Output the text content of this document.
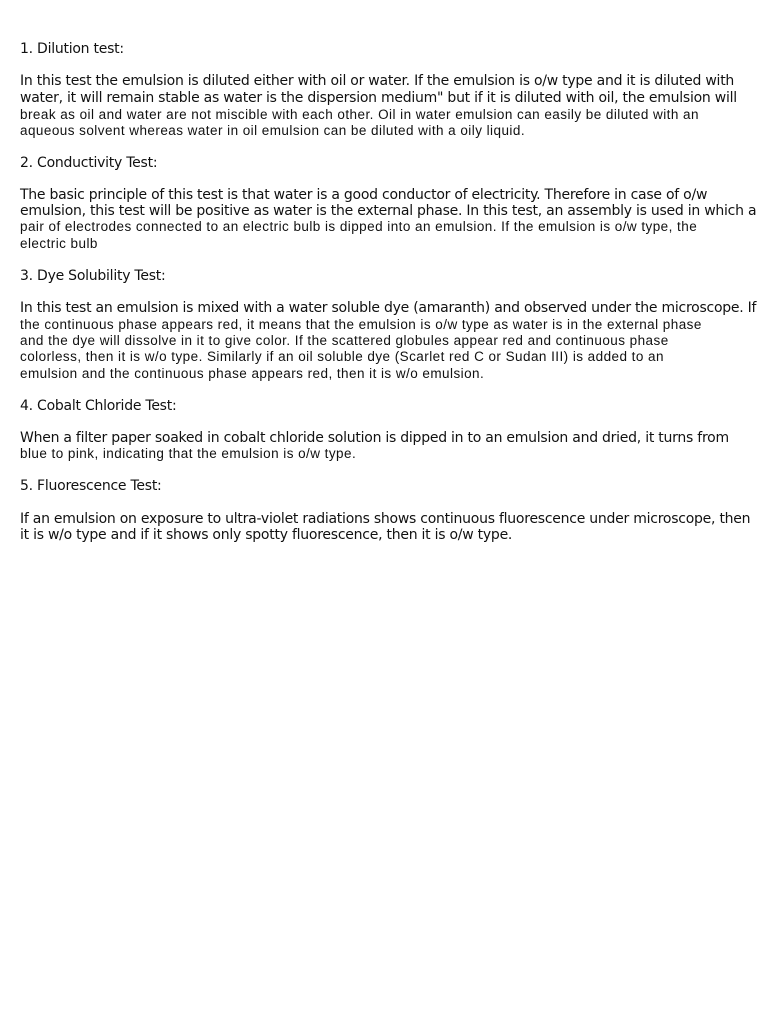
1. Dilution test:
In this test the emulsion is diluted either with oil or water. If the emulsion is o/w type and it is diluted with
water, it will remain stable as water is the dispersion medium" but if it is diluted with oil, the emulsion will
break as oil and water are not miscible with each other. Oil in water emulsion can easily be diluted with an
aqueous solvent whereas water in oil emulsion can be diluted with a oily liquid.
2. Conductivity Test:
The basic principle of this test is that water is a good conductor of electricity. Therefore in case of o/w
emulsion, this test will be positive as water is the external phase. In this test, an assembly is used in which a
pair of electrodes connected to an electric bulb is dipped into an emulsion. If the emulsion is o/w type, the
electric bulb
3. Dye Solubility Test:
In this test an emulsion is mixed with a water soluble dye (amaranth) and observed under the microscope. If
the continuous phase appears red, it means that the emulsion is o/w type as water is in the external phase
and the dye will dissolve in it to give color. If the scattered globules appear red and continuous phase
colorless, then it is w/o type. Similarly if an oil soluble dye (Scarlet red C or Sudan III) is added to an
emulsion and the continuous phase appears red, then it is w/o emulsion.
4. Cobalt Chloride Test:
When a filter paper soaked in cobalt chloride solution is dipped in to an emulsion and dried, it turns from
blue to pink, indicating that the emulsion is o/w type.
5. Fluorescence Test:
If an emulsion on exposure to ultra-violet radiations shows continuous fluorescence under microscope, then
it is w/o type and if it shows only spotty fluorescence, then it is o/w type.
